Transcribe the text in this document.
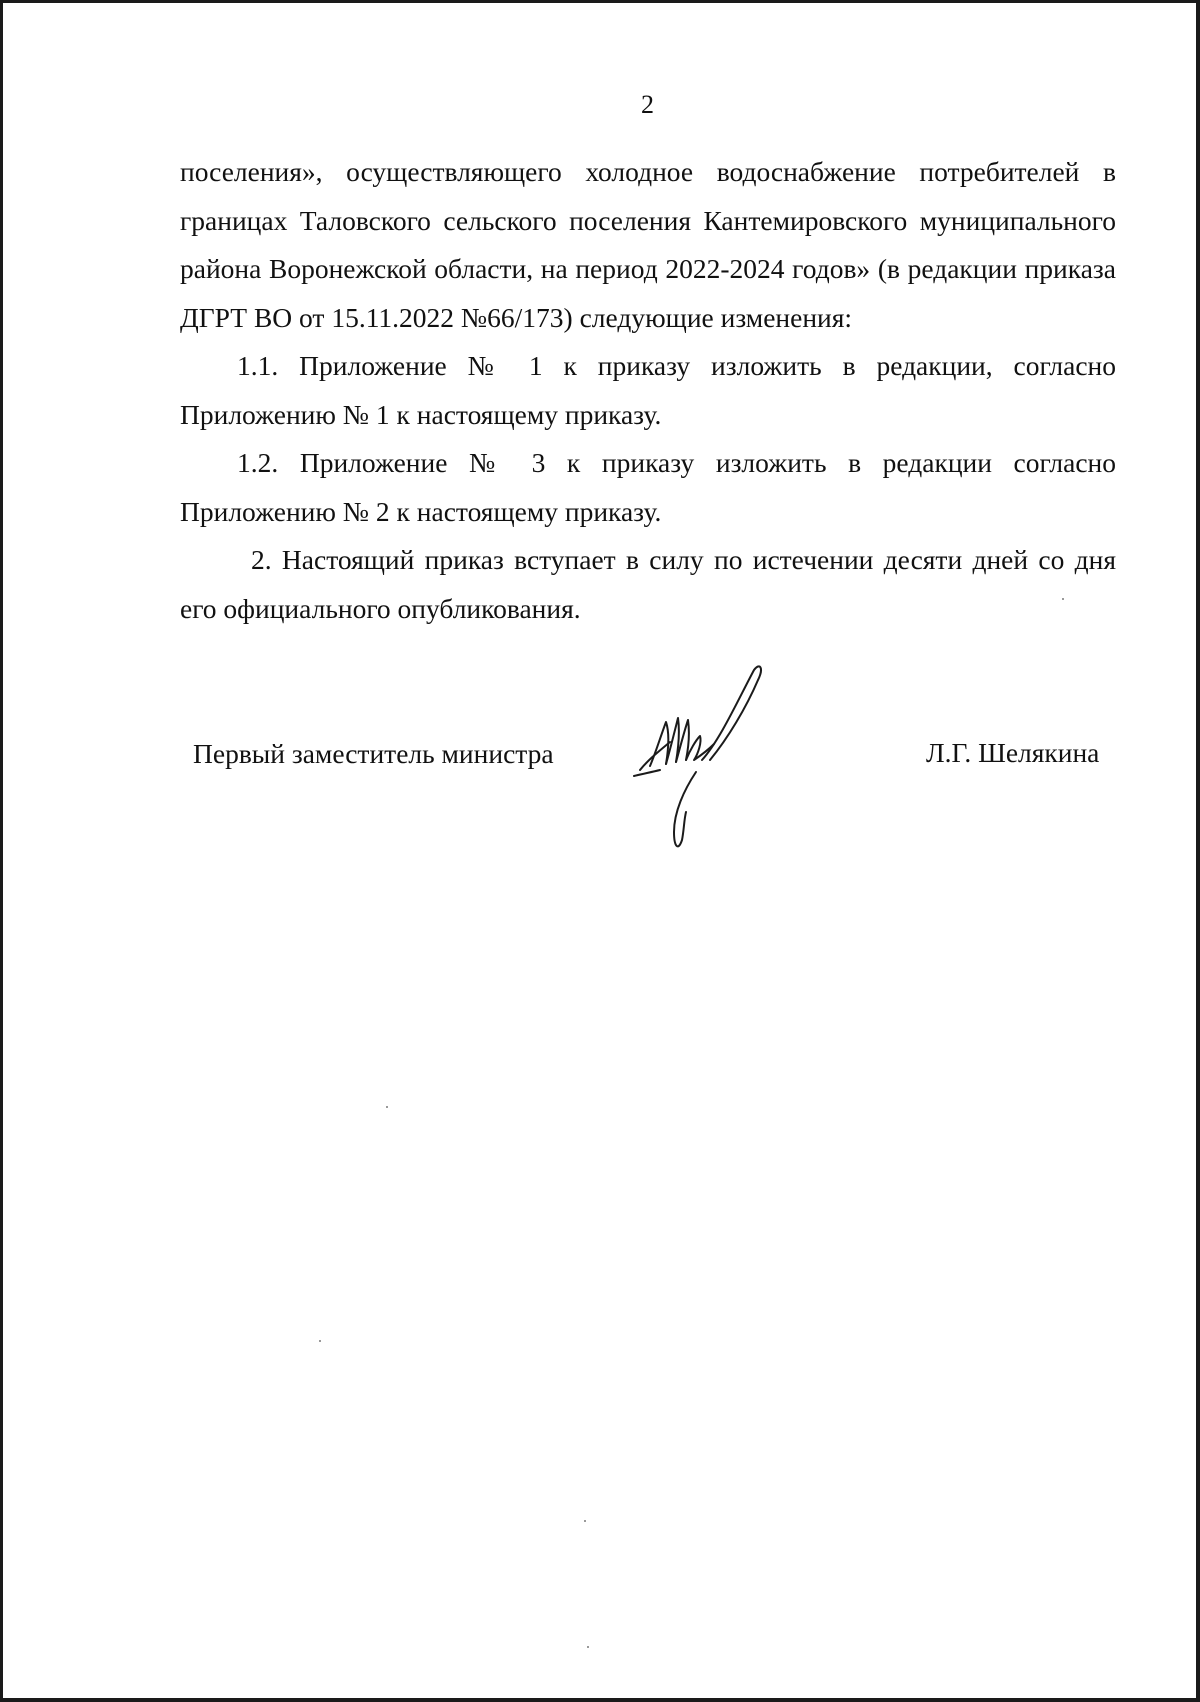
2

поселения», осуществляющего холодное водоснабжение потребителей в границах Таловского сельского поселения Кантемировского муниципального района Воронежской области, на период 2022-2024 годов» (в редакции приказа ДГРТ ВО от 15.11.2022 №66/173) следующие изменения:

1.1. Приложение № 1 к приказу изложить в редакции, согласно Приложению № 1 к настоящему приказу.

1.2. Приложение № 3 к приказу изложить в редакции согласно Приложению № 2 к настоящему приказу.

2. Настоящий приказ вступает в силу по истечении десяти дней со дня его официального опубликования.

Первый заместитель министра	Л.Г. Шелякина
